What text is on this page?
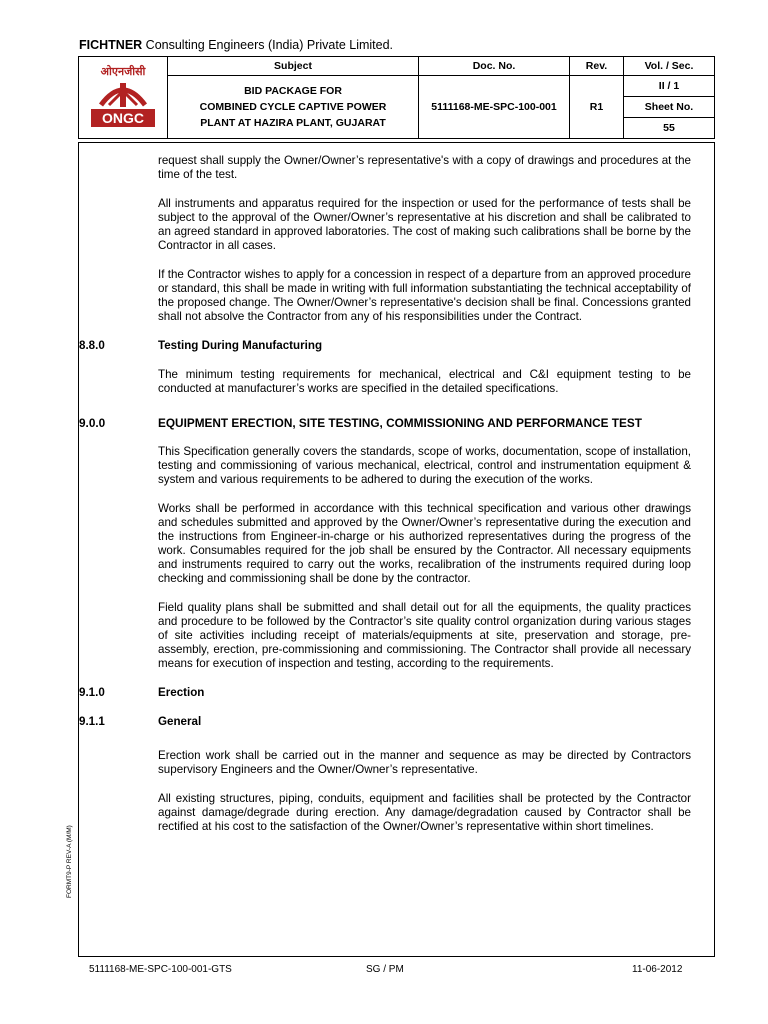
FICHTNER Consulting Engineers (India) Private Limited.
ओएनजीसी
ONGC	Subject	Doc. No.	Rev.	Vol. / Sec.

	BID PACKAGE FOR
COMBINED CYCLE CAPTIVE POWER
PLANT AT HAZIRA PLANT, GUJARAT	5111168-ME-SPC-100-001	R1	II / 1
				Sheet No.
				55

request shall supply the Owner/Owner’s representative's with a copy of drawings and procedures at the time of the test.

All instruments and apparatus required for the inspection or used for the performance of tests shall be subject to the approval of the Owner/Owner’s representative at his discretion and shall be calibrated to an agreed standard in approved laboratories. The cost of making such calibrations shall be borne by the Contractor in all cases.

If the Contractor wishes to apply for a concession in respect of a departure from an approved procedure or standard, this shall be made in writing with full information substantiating the technical acceptability of the proposed change. The Owner/Owner’s representative's decision shall be final. Concessions granted shall not absolve the Contractor from any of his responsibilities under the Contract.

8.8.0	Testing During Manufacturing

The minimum testing requirements for mechanical, electrical and C&I equipment testing to be conducted at manufacturer’s works are specified in the detailed specifications.

9.0.0	EQUIPMENT ERECTION, SITE TESTING, COMMISSIONING AND PERFORMANCE TEST

This Specification generally covers the standards, scope of works, documentation, scope of installation, testing and commissioning of various mechanical, electrical, control and instrumentation equipment & system and various requirements to be adhered to during the execution of the works.

Works shall be performed in accordance with this technical specification and various other drawings and schedules submitted and approved by the Owner/Owner’s representative during the execution and the instructions from Engineer-in-charge or his authorized representatives during the progress of the work. Consumables required for the job shall be ensured by the Contractor. All necessary equipments and instruments required to carry out the works, recalibration of the instruments required during loop checking and commissioning shall be done by the contractor.

Field quality plans shall be submitted and shall detail out for all the equipments, the quality practices and procedure to be followed by the Contractor’s site quality control organization during various stages of site activities including receipt of materials/equipments at site, preservation and storage, pre-assembly, erection, pre-commissioning and commissioning. The Contractor shall provide all necessary means for execution of inspection and testing, according to the requirements.

9.1.0	Erection
9.1.1	General

Erection work shall be carried out in the manner and sequence as may be directed by Contractors supervisory Engineers and the Owner/Owner’s representative.

All existing structures, piping, conduits, equipment and facilities shall be protected by the Contractor against damage/degrade during erection. Any damage/degradation caused by Contractor shall be rectified at his cost to the satisfaction of the Owner/Owner’s representative within short timelines.

FORMT9-P REV-A (M/M)
5111168-ME-SPC-100-001-GTS	SG / PM	11-06-2012
